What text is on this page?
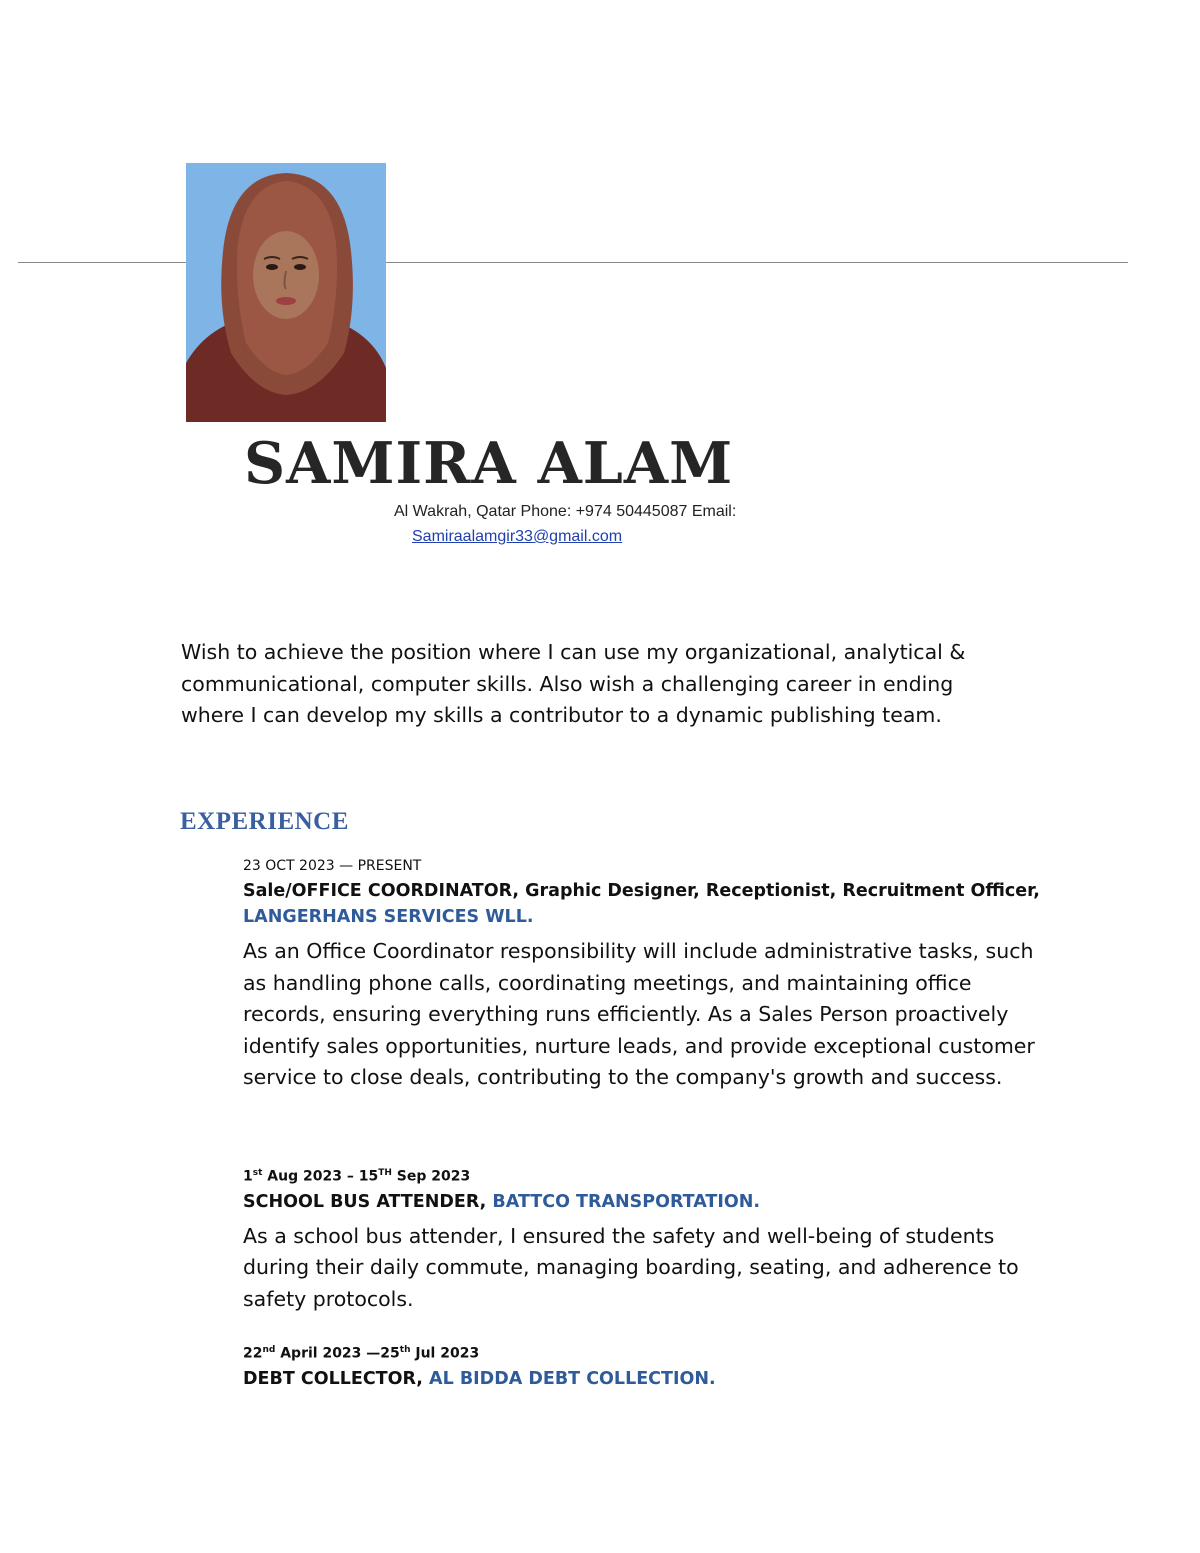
SAMIRA ALAM
Al Wakrah, Qatar Phone: +974 50445087 Email:
Samiraalamgir33@gmail.com

Wish to achieve the position where I can use my organizational, analytical & communicational, computer skills. Also wish a challenging career in ending where I can develop my skills a contributor to a dynamic publishing team.

EXPERIENCE
23 OCT 2023 — PRESENT
Sale/OFFICE COORDINATOR, Graphic Designer, Receptionist, Recruitment Officer, LANGERHANS SERVICES WLL.

As an Office Coordinator responsibility will include administrative tasks, such as handling phone calls, coordinating meetings, and maintaining office records, ensuring everything runs efficiently. As a Sales Person proactively identify sales opportunities, nurture leads, and provide exceptional customer service to close deals, contributing to the company's growth and success.

1st Aug 2023 – 15TH Sep 2023
SCHOOL BUS ATTENDER, BATTCO TRANSPORTATION.

As a school bus attender, I ensured the safety and well-being of students during their daily commute, managing boarding, seating, and adherence to safety protocols.

22nd April 2023 —25th Jul 2023
DEBT COLLECTOR, AL BIDDA DEBT COLLECTION.
